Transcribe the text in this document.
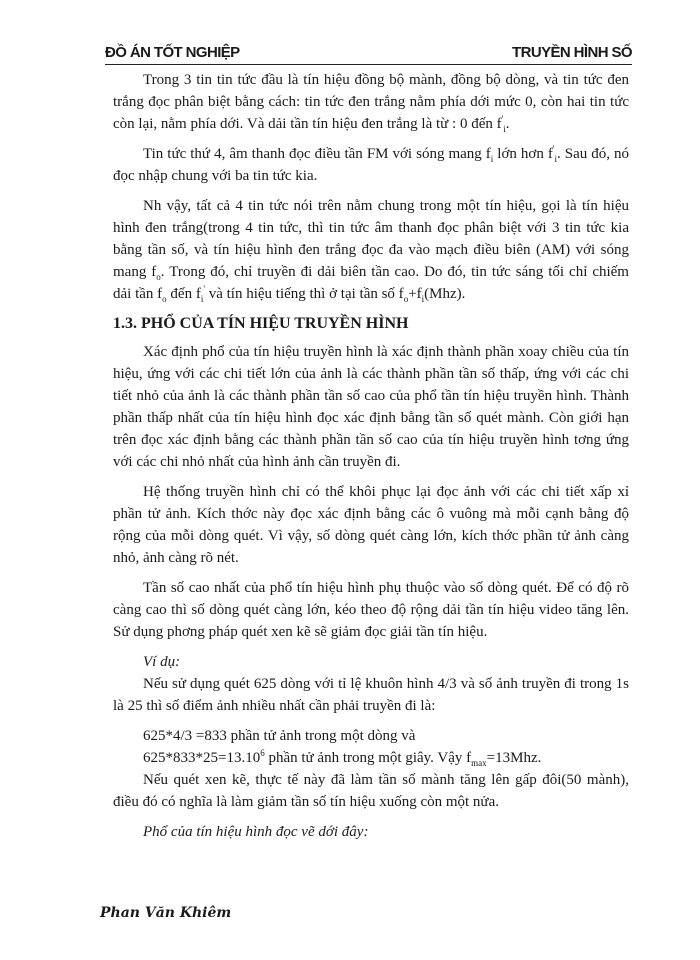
ĐỒ ÁN TỐT NGHIỆP	TRUYỀN HÌNH SỐ

Trong 3 tin tin tức đầu là tín hiệu đồng bộ mành, đồng bộ dòng, và tin tức đen trắng đọc phân biệt bằng cách: tin tức đen trắng nằm phía dới mức 0, còn hai tin tức còn lại, nằm phía dới. Và dải tần tín hiệu đen trắng là từ : 0 đến $f'_i$.

Tin tức thứ 4, âm thanh đọc điều tần FM với sóng mang $f_i$ lớn hơn $f'_i$. Sau đó, nó đọc nhập chung với ba tin tức kia.

Nh vậy, tất cả 4 tin tức nói trên nằm chung trong một tín hiệu, gọi là tín hiệu hình đen trắng(trong 4 tin tức, thì tin tức âm thanh đọc phân biệt với 3 tin tức kia bằng tần số, và tín hiệu hình đen trắng đọc đa vào mạch điều biên (AM) với sóng mang $f_o$. Trong đó, chỉ truyền đi dải biên tần cao. Do đó, tin tức sáng tối chỉ chiếm dải tần $f_o$ đến $f_i'$ và tín hiệu tiếng thì ở tại tần số $f_o+f_i(Mhz)$.

1.3. PHỔ CỦA TÍN HIỆU TRUYỀN HÌNH

Xác định phổ của tín hiệu truyền hình là xác định thành phần xoay chiều của tín hiệu, ứng với các chi tiết lớn của ảnh là các thành phần tần số thấp, ứng với các chi tiết nhỏ của ảnh là các thành phần tần số cao của phổ tần tín hiệu truyền hình. Thành phần thấp nhất của tín hiệu hình đọc xác định bằng tần số quét mành. Còn giới hạn trên đọc xác định bằng các thành phần tần số cao của tín hiệu truyền hình tơng ứng với các chi nhỏ nhất của hình ảnh cần truyền đi.

Hệ thống truyền hình chỉ có thể khôi phục lại đọc ảnh với các chi tiết xấp xỉ phần tử ảnh. Kích thớc này đọc xác định bằng các ô vuông mà mỗi cạnh bằng độ rộng của mỗi dòng quét. Vì vậy, số dòng quét càng lớn, kích thớc phần tử ảnh càng nhỏ, ảnh càng rõ nét.

Tần số cao nhất của phổ tín hiệu hình phụ thuộc vào số dòng quét. Để có độ rõ càng cao thì số dòng quét càng lớn, kéo theo độ rộng dải tần tín hiệu video tăng lên. Sử dụng phơng pháp quét xen kẽ sẽ giảm đọc giải tần tín hiệu.

Ví dụ:

Nếu sử dụng quét 625 dòng với tỉ lệ khuôn hình 4/3 và số ảnh truyền đi trong 1s là 25 thì số điểm ảnh nhiều nhất cần phải truyền đi là:

625*4/3 =833 phần tử ảnh trong một dòng và

$625*833*25=13.10^6$ phần tử ảnh trong một giây. Vậy $f_{max}=13Mhz$.

Nếu quét xen kẽ, thực tế này đã làm tần số mành tăng lên gấp đôi(50 mành), điều đó có nghĩa là làm giảm tần số tín hiệu xuống còn một nửa.

Phổ của tín hiệu hình đọc vẽ dới đây:

Phan Văn Khiêm
